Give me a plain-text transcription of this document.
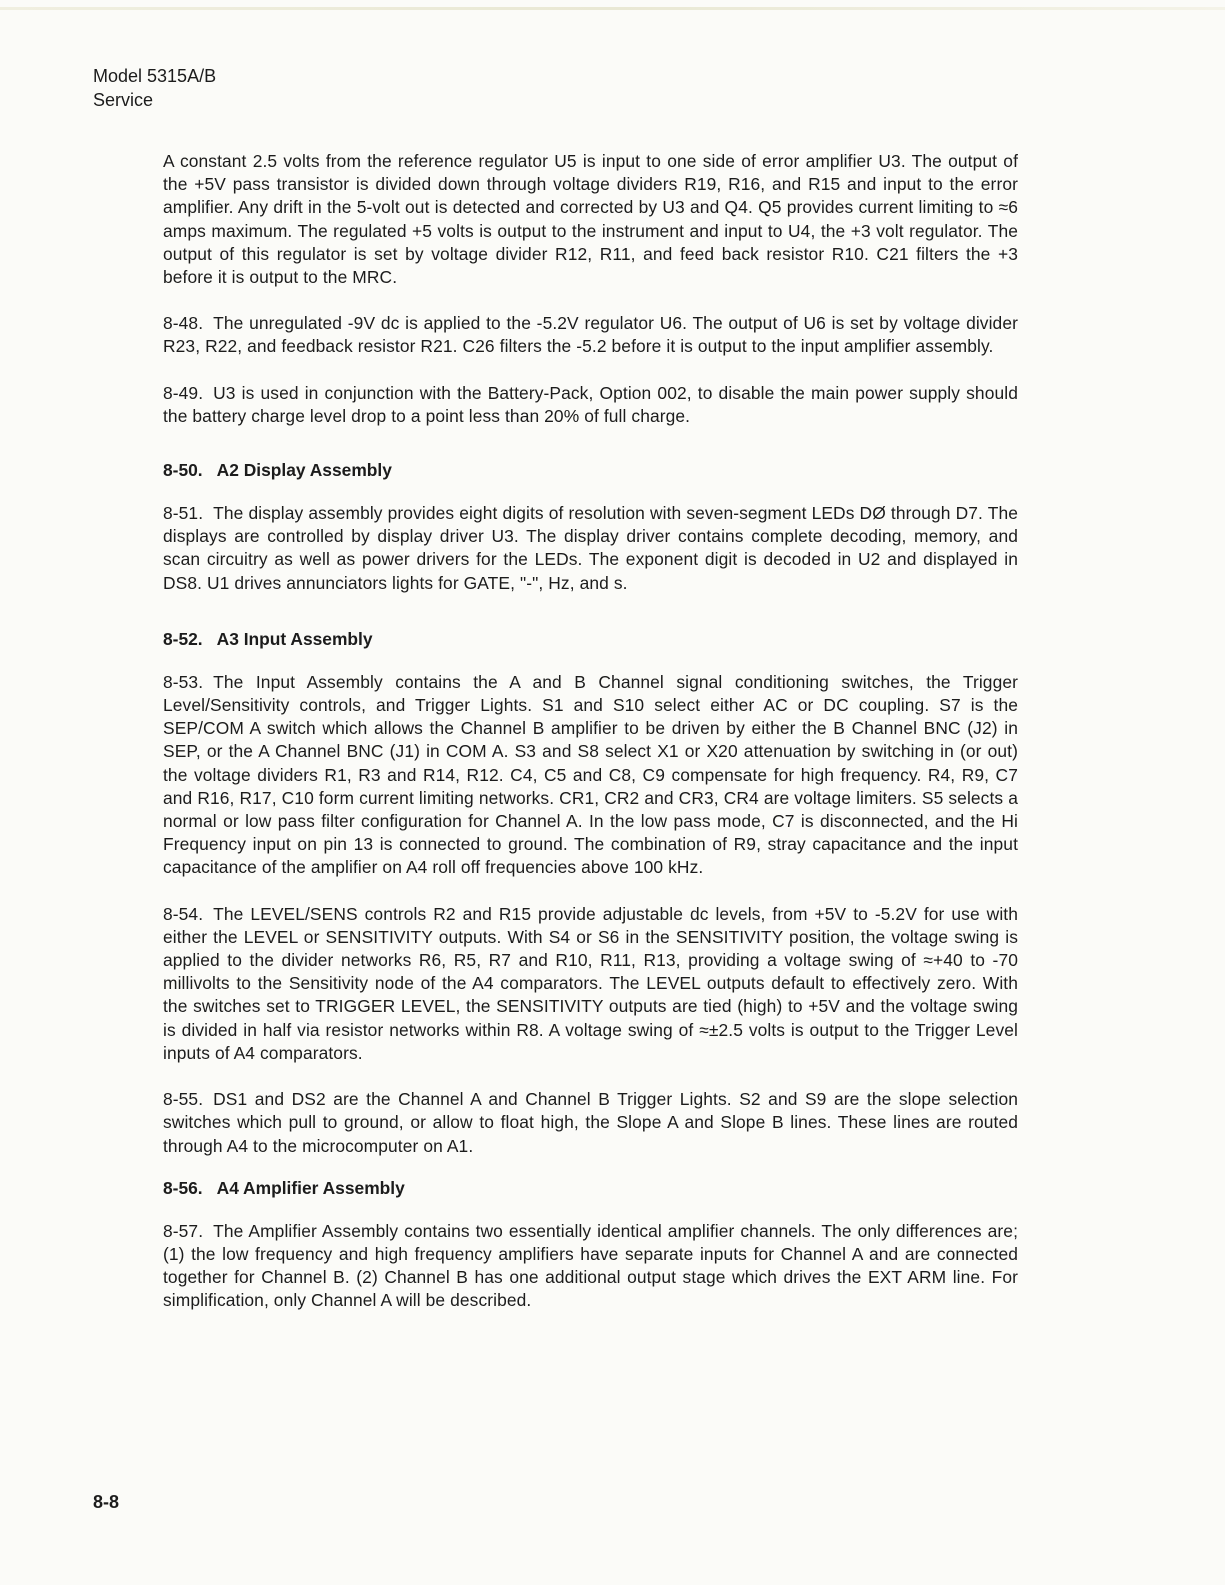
Model 5315A/B
Service

A constant 2.5 volts from the reference regulator U5 is input to one side of error amplifier U3. The output of the +5V pass transistor is divided down through voltage dividers R19, R16, and R15 and input to the error amplifier. Any drift in the 5-volt out is detected and corrected by U3 and Q4. Q5 provides current limiting to ≈6 amps maximum. The regulated +5 volts is output to the instrument and input to U4, the +3 volt regulator. The output of this regulator is set by voltage divider R12, R11, and feed back resistor R10. C21 filters the +3 before it is output to the MRC.

8-48. The unregulated -9V dc is applied to the -5.2V regulator U6. The output of U6 is set by voltage divider R23, R22, and feedback resistor R21. C26 filters the -5.2 before it is output to the input amplifier assembly.

8-49. U3 is used in conjunction with the Battery-Pack, Option 002, to disable the main power supply should the battery charge level drop to a point less than 20% of full charge.

8-50. A2 Display Assembly

8-51. The display assembly provides eight digits of resolution with seven-segment LEDs DØ through D7. The displays are controlled by display driver U3. The display driver contains complete decoding, memory, and scan circuitry as well as power drivers for the LEDs. The exponent digit is decoded in U2 and displayed in DS8. U1 drives annunciators lights for GATE, "-", Hz, and s.

8-52. A3 Input Assembly

8-53. The Input Assembly contains the A and B Channel signal conditioning switches, the Trigger Level/Sensitivity controls, and Trigger Lights. S1 and S10 select either AC or DC coupling. S7 is the SEP/COM A switch which allows the Channel B amplifier to be driven by either the B Channel BNC (J2) in SEP, or the A Channel BNC (J1) in COM A. S3 and S8 select X1 or X20 attenuation by switching in (or out) the voltage dividers R1, R3 and R14, R12. C4, C5 and C8, C9 compensate for high frequency. R4, R9, C7 and R16, R17, C10 form current limiting networks. CR1, CR2 and CR3, CR4 are voltage limiters. S5 selects a normal or low pass filter configuration for Channel A. In the low pass mode, C7 is disconnected, and the Hi Frequency input on pin 13 is connected to ground. The combination of R9, stray capacitance and the input capacitance of the amplifier on A4 roll off frequencies above 100 kHz.

8-54. The LEVEL/SENS controls R2 and R15 provide adjustable dc levels, from +5V to -5.2V for use with either the LEVEL or SENSITIVITY outputs. With S4 or S6 in the SENSITIVITY position, the voltage swing is applied to the divider networks R6, R5, R7 and R10, R11, R13, providing a voltage swing of ≈+40 to -70 millivolts to the Sensitivity node of the A4 comparators. The LEVEL outputs default to effectively zero. With the switches set to TRIGGER LEVEL, the SENSITIVITY outputs are tied (high) to +5V and the voltage swing is divided in half via resistor networks within R8. A voltage swing of ≈±2.5 volts is output to the Trigger Level inputs of A4 comparators.

8-55. DS1 and DS2 are the Channel A and Channel B Trigger Lights. S2 and S9 are the slope selection switches which pull to ground, or allow to float high, the Slope A and Slope B lines. These lines are routed through A4 to the microcomputer on A1.

8-56. A4 Amplifier Assembly

8-57. The Amplifier Assembly contains two essentially identical amplifier channels. The only differences are; (1) the low frequency and high frequency amplifiers have separate inputs for Channel A and are connected together for Channel B. (2) Channel B has one additional output stage which drives the EXT ARM line. For simplification, only Channel A will be described.

8-8
